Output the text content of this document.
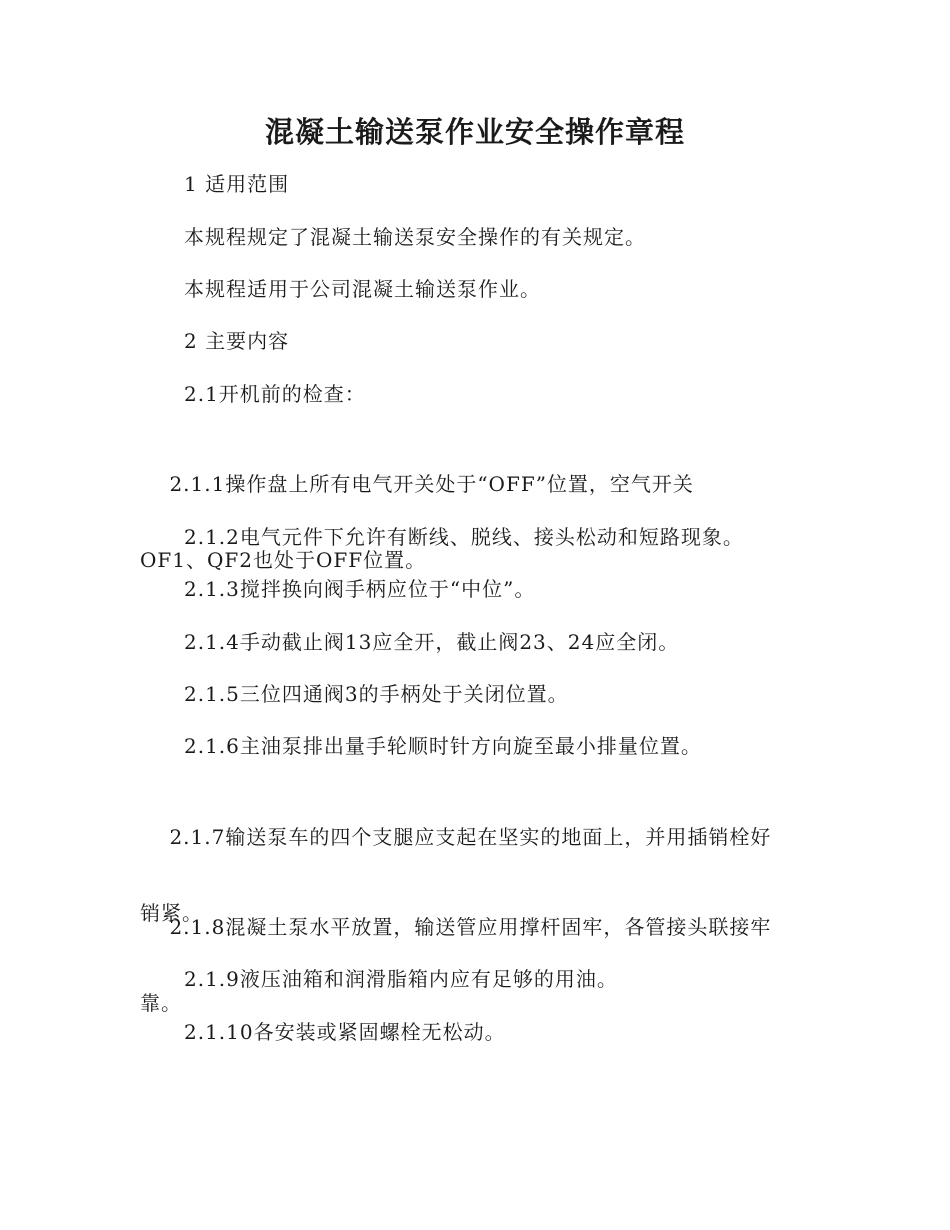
混凝土输送泵作业安全操作章程
1 适用范围
本规程规定了混凝土输送泵安全操作的有关规定。
本规程适用于公司混凝土输送泵作业。
2 主要内容
2.1开机前的检查：

2.1.1操作盘上所有电气开关处于“OFF”位置，空气开关

OF1、QF2也处于OFF位置。

2.1.2电气元件下允许有断线、脱线、接头松动和短路现象。
2.1.3搅拌换向阀手柄应位于“中位”。
2.1.4手动截止阀13应全开，截止阀23、24应全闭。
2.1.5三位四通阀3的手柄处于关闭位置。
2.1.6主油泵排出量手轮顺时针方向旋至最小排量位置。

2.1.7输送泵车的四个支腿应支起在坚实的地面上，并用插销栓好

销紧。

2.1.8混凝土泵水平放置，输送管应用撑杆固牢，各管接头联接牢

靠。

2.1.9液压油箱和润滑脂箱内应有足够的用油。
2.1.10各安装或紧固螺栓无松动。
